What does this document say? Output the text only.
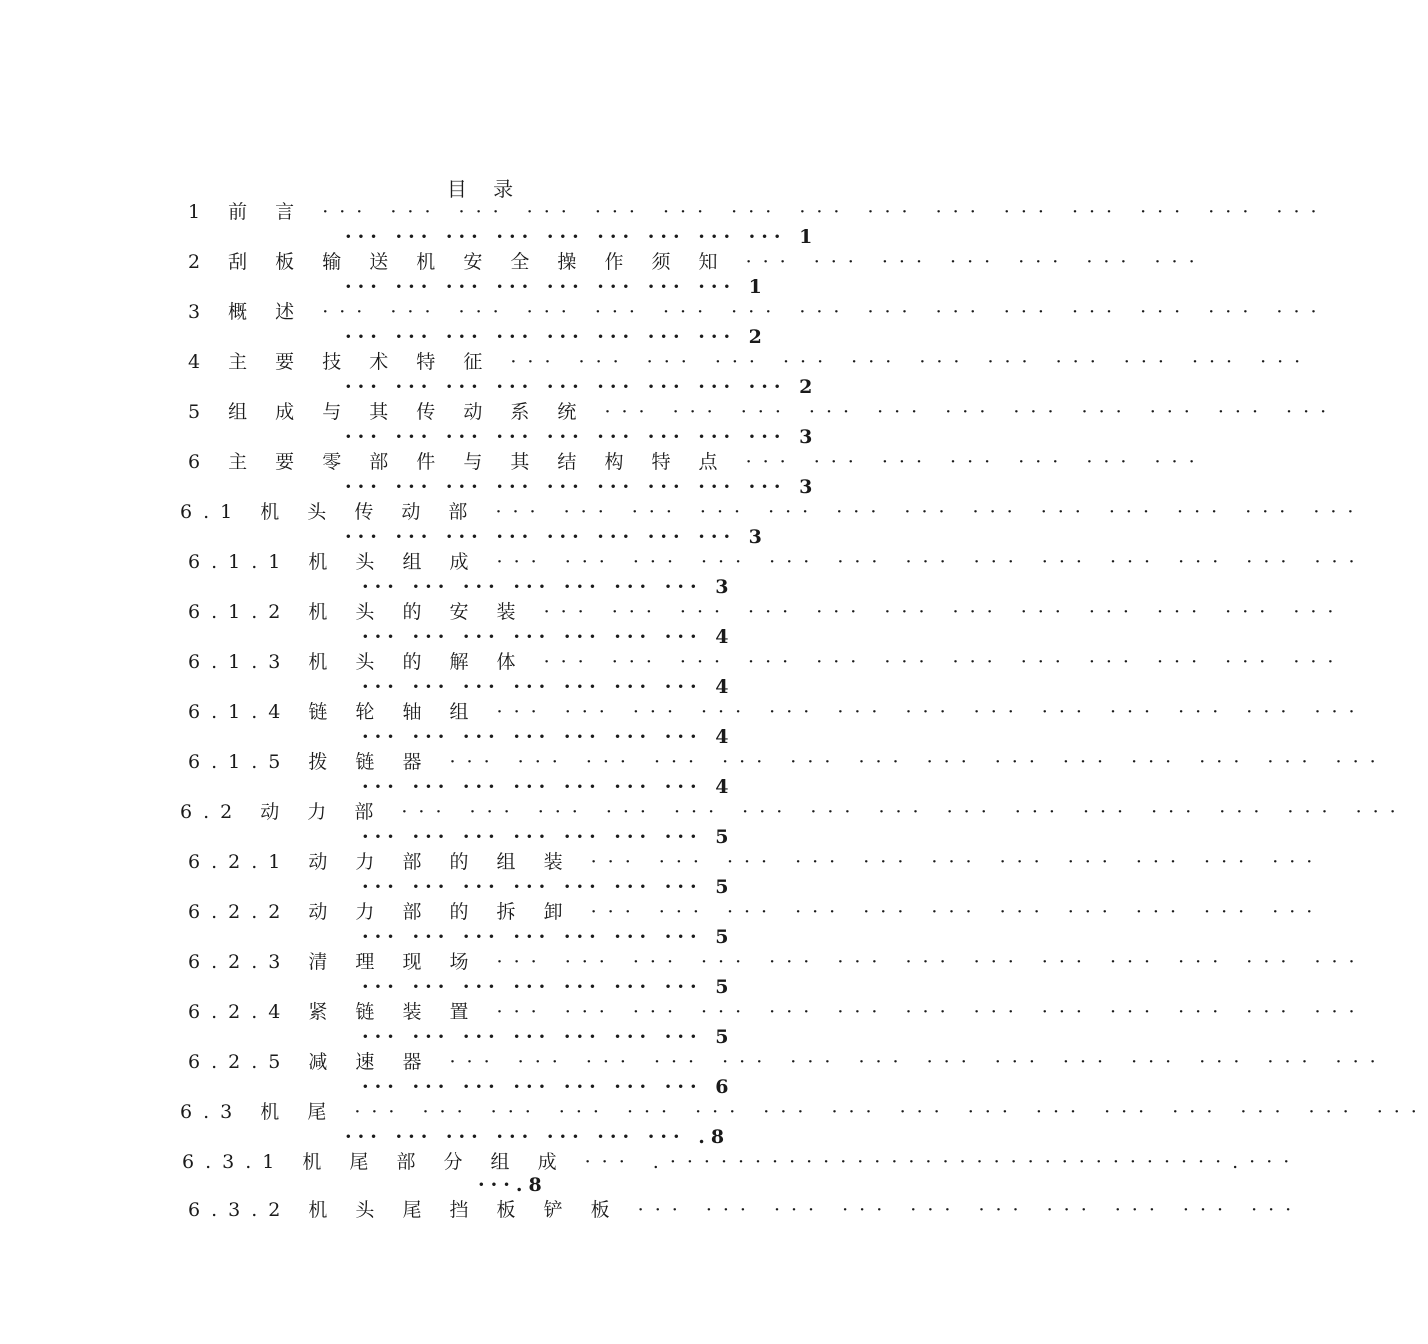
目 录
1 前 言 ··· ··· ··· ··· ··· ··· ··· ··· ··· ··· ··· ··· ··· ··· ···
··· ··· ··· ··· ··· ··· ··· ··· ··· 1
2 刮 板 输 送 机 安 全 操 作 须 知 ··· ··· ··· ··· ··· ··· ···
··· ··· ··· ··· ··· ··· ··· ··· 1
3 概 述 ··· ··· ··· ··· ··· ··· ··· ··· ··· ··· ··· ··· ··· ··· ···
··· ··· ··· ··· ··· ··· ··· ··· 2
4 主 要 技 术 特 征 ··· ··· ··· ··· ··· ··· ··· ··· ··· ··· ··· ···
··· ··· ··· ··· ··· ··· ··· ··· ··· 2
5 组 成 与 其 传 动 系 统 ··· ··· ··· ··· ··· ··· ··· ··· ··· ··· ···
··· ··· ··· ··· ··· ··· ··· ··· ··· 3
6 主 要 零 部 件 与 其 结 构 特 点 ··· ··· ··· ··· ··· ··· ···
··· ··· ··· ··· ··· ··· ··· ··· ··· 3
6.1 机 头 传 动 部 ··· ··· ··· ··· ··· ··· ··· ··· ··· ··· ··· ··· ···
··· ··· ··· ··· ··· ··· ··· ··· 3
6.1.1 机 头 组 成 ··· ··· ··· ··· ··· ··· ··· ··· ··· ··· ··· ··· ···
··· ··· ··· ··· ··· ··· ··· 3
6.1.2 机 头 的 安 装 ··· ··· ··· ··· ··· ··· ··· ··· ··· ··· ··· ···
··· ··· ··· ··· ··· ··· ··· 4
6.1.3 机 头 的 解 体 ··· ··· ··· ··· ··· ··· ··· ··· ··· ··· ··· ···
··· ··· ··· ··· ··· ··· ··· 4
6.1.4 链 轮 轴 组 ··· ··· ··· ··· ··· ··· ··· ··· ··· ··· ··· ··· ···
··· ··· ··· ··· ··· ··· ··· 4
6.1.5 拨 链 器 ··· ··· ··· ··· ··· ··· ··· ··· ··· ··· ··· ··· ··· ···
··· ··· ··· ··· ··· ··· ··· 4
6.2 动 力 部 ··· ··· ··· ··· ··· ··· ··· ··· ··· ··· ··· ··· ··· ··· ···
··· ··· ··· ··· ··· ··· ··· 5
6.2.1 动 力 部 的 组 装 ··· ··· ··· ··· ··· ··· ··· ··· ··· ··· ···
··· ··· ··· ··· ··· ··· ··· 5
6.2.2 动 力 部 的 拆 卸 ··· ··· ··· ··· ··· ··· ··· ··· ··· ··· ···
··· ··· ··· ··· ··· ··· ··· 5
6.2.3 清 理 现 场 ··· ··· ··· ··· ··· ··· ··· ··· ··· ··· ··· ··· ···
··· ··· ··· ··· ··· ··· ··· 5
6.2.4 紧 链 装 置 ··· ··· ··· ··· ··· ··· ··· ··· ··· ··· ··· ··· ···
··· ··· ··· ··· ··· ··· ··· 5
6.2.5 减 速 器 ··· ··· ··· ··· ··· ··· ··· ··· ··· ··· ··· ··· ··· ···
··· ··· ··· ··· ··· ··· ··· 6
6.3 机 尾 ··· ··· ··· ··· ··· ··· ··· ··· ··· ··· ··· ··· ··· ··· ··· ···
··· ··· ··· ··· ··· ··· ··· .8
6.3.1 机 尾 部 分 组 成 ··· .·································.···
···.8
6.3.2 机 头 尾 挡 板 铲 板 ··· ··· ··· ··· ··· ··· ··· ··· ··· ···
